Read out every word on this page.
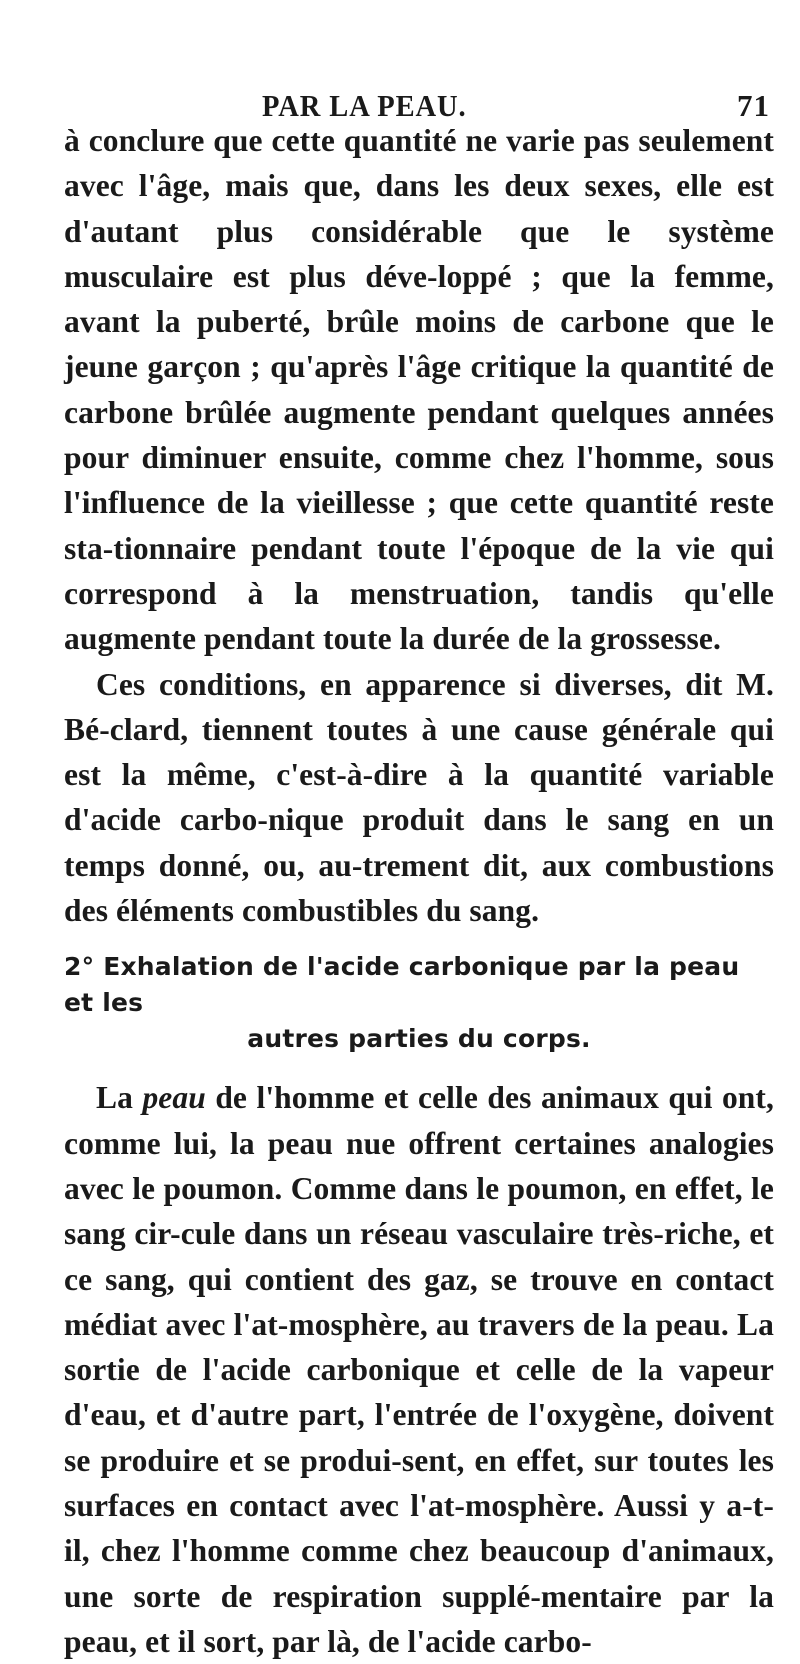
PAR LA PEAU.	71

à conclure que cette quantité ne varie pas seulement avec l'âge, mais que, dans les deux sexes, elle est d'autant plus considérable que le système musculaire est plus déve-loppé ; que la femme, avant la puberté, brûle moins de carbone que le jeune garçon ; qu'après l'âge critique la quantité de carbone brûlée augmente pendant quelques années pour diminuer ensuite, comme chez l'homme, sous l'influence de la vieillesse ; que cette quantité reste sta-tionnaire pendant toute l'époque de la vie qui correspond à la menstruation, tandis qu'elle augmente pendant toute la durée de la grossesse.

Ces conditions, en apparence si diverses, dit M. Bé-clard, tiennent toutes à une cause générale qui est la même, c'est-à-dire à la quantité variable d'acide carbo-nique produit dans le sang en un temps donné, ou, au-trement dit, aux combustions des éléments combustibles du sang.

2° Exhalation de l'acide carbonique par la peau et les
autres parties du corps.

La peau de l'homme et celle des animaux qui ont, comme lui, la peau nue offrent certaines analogies avec le poumon. Comme dans le poumon, en effet, le sang cir-cule dans un réseau vasculaire très-riche, et ce sang, qui contient des gaz, se trouve en contact médiat avec l'at-mosphère, au travers de la peau. La sortie de l'acide carbonique et celle de la vapeur d'eau, et d'autre part, l'entrée de l'oxygène, doivent se produire et se produi-sent, en effet, sur toutes les surfaces en contact avec l'at-mosphère. Aussi y a-t-il, chez l'homme comme chez beaucoup d'animaux, une sorte de respiration supplé-mentaire par la peau, et il sort, par là, de l'acide carbo-
